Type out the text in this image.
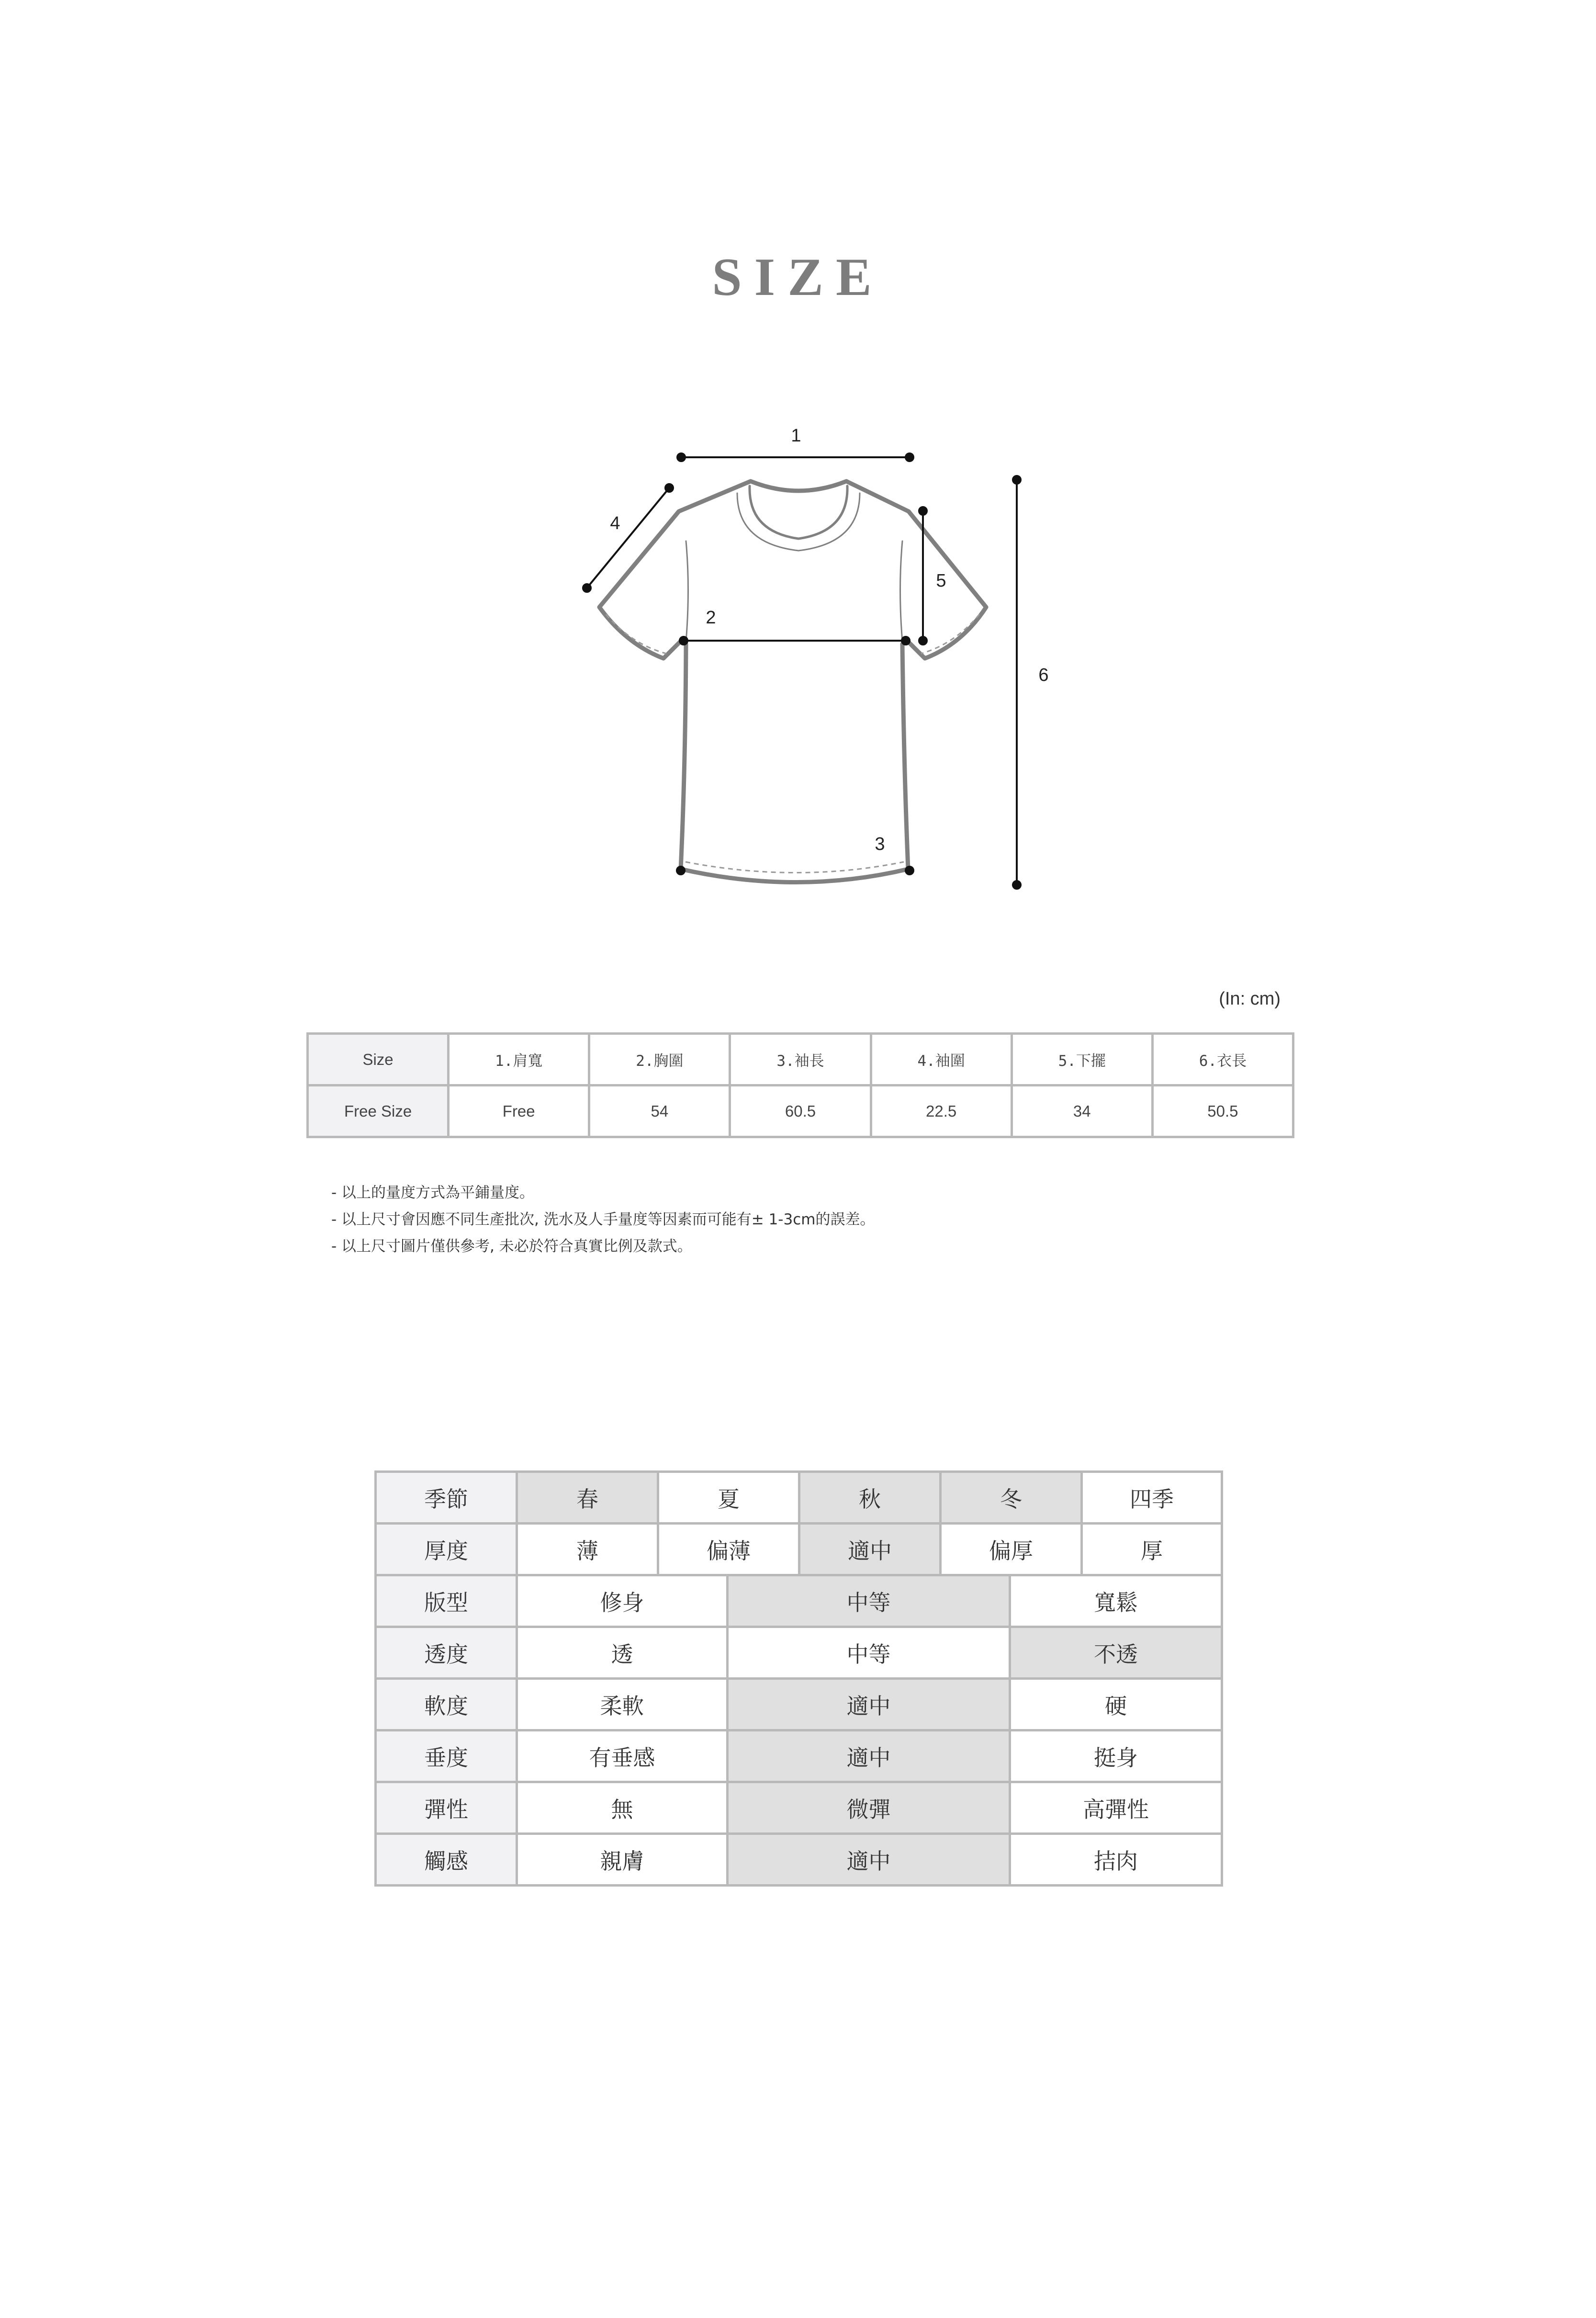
SIZE
1
2
3
4
5
6
(In: cm)
Size	1.肩寬	2.胸圍	3.袖長	4.袖圍	5.下擺	6.衣長
Free Size	Free	54	60.5	22.5	34	50.5
- 以上的量度方式為平鋪量度。
- 以上尺寸會因應不同生產批次, 洗水及人手量度等因素而可能有± 1-3cm的誤差。
- 以上尺寸圖片僅供參考, 未必於符合真實比例及款式。
季節	春	夏		秋	冬		四季
厚度	薄	偏薄		適中	偏厚		厚
版型	修身		中等			寬鬆	
透度	透		中等			不透	
軟度	柔軟		適中			硬	
垂度	有垂感		適中			挺身	
彈性	無		微彈			高彈性	
觸感	親膚		適中			拮肉	
